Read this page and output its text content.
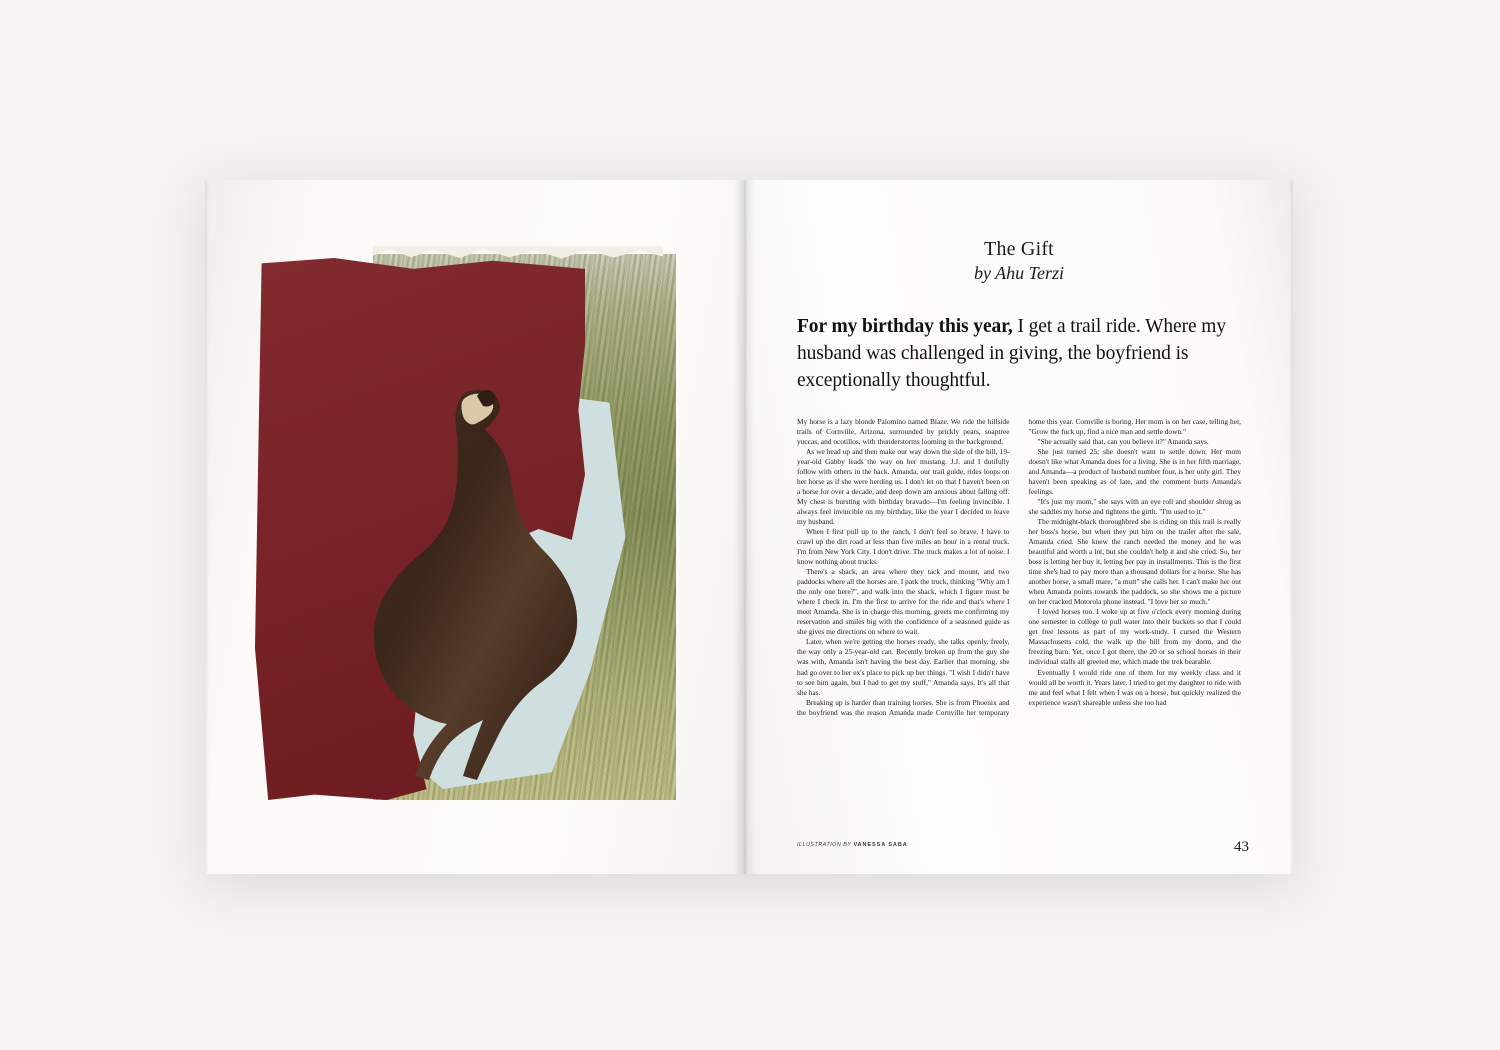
The Gift
by Ahu Terzi
For my birthday this year, I get a trail ride. Where my husband was challenged in giving, the boyfriend is exceptionally thoughtful.

My horse is a lazy blonde Palomino named Blaze. We ride the hillside trails of Cornville, Arizona, surrounded by prickly pears, soaptree yuccas, and ocotillos, with thunderstorms looming in the background.

As we head up and then make our way down the side of the hill, 19-year-old Gabby leads the way on her mustang. J.J. and I dutifully follow with others in the back. Amanda, our trail guide, rides loops on her horse as if she were herding us. I don't let on that I haven't been on a horse for over a decade, and deep down am anxious about falling off. My chest is bursting with birthday bravado—I'm feeling invincible. I always feel invincible on my birthday, like the year I decided to leave my husband.

When I first pull up to the ranch, I don't feel so brave. I have to crawl up the dirt road at less than five miles an hour in a rental truck. I'm from New York City. I don't drive. The truck makes a lot of noise. I know nothing about trucks.

There's a shack, an area where they tack and mount, and two paddocks where all the horses are. I park the truck, thinking "Why am I the only one here?", and walk into the shack, which I figure must be where I check in. I'm the first to arrive for the ride and that's where I meet Amanda. She is in charge this morning, greets me confirming my reservation and smiles big with the confidence of a seasoned guide as she gives me directions on where to wait.

Later, when we're getting the horses ready, she talks openly, freely, the way only a 25-year-old can. Recently broken up from the guy she was with, Amanda isn't having the best day. Earlier that morning, she had go over to her ex's place to pick up her things. "I wish I didn't have to see him again, but I had to get my stuff," Amanda says. It's all that she has.

Breaking up is harder than training horses. She is from Phoenix and the boyfriend was the reason Amanda made Cornville her temporary home this year. Cornville is boring. Her mom is on her case, telling her, "Grow the fuck up, find a nice man and settle down."

"She actually said that, can you believe it?" Amanda says.

She just turned 25; she doesn't want to settle down. Her mom doesn't like what Amanda does for a living. She is in her fifth marriage, and Amanda—a product of husband number four, is her only girl. They haven't been speaking as of late, and the comment hurts Amanda's feelings.

"It's just my mom," she says with an eye roll and shoulder shrug as she saddles my horse and tightens the girth. "I'm used to it."

The midnight-black thoroughbred she is riding on this trail is really her boss's horse, but when they put him on the trailer after the sale, Amanda cried. She knew the ranch needed the money and he was beautiful and worth a lot, but she couldn't help it and she cried. So, her boss is letting her buy it, letting her pay in installments. This is the first time she's had to pay more than a thousand dollars for a horse. She has another horse, a small mare, "a mutt" she calls her. I can't make her out when Amanda points towards the paddock, so she shows me a picture on her cracked Motorola phone instead. "I love her so much."

I loved horses too. I woke up at five o'clock every morning during one semester in college to pull water into their buckets so that I could get free lessons as part of my work-study. I cursed the Western Massachusetts cold, the walk up the hill from my dorm, and the freezing barn. Yet, once I got there, the 20 or so school horses in their individual stalls all greeted me, which made the trek bearable.

Eventually I would ride one of them for my weekly class and it would all be worth it. Years later, I tried to get my daughter to ride with me and feel what I felt when I was on a horse, but quickly realized the experience wasn't shareable unless she too had

ILLUSTRATION BY VANESSA SABA	43
